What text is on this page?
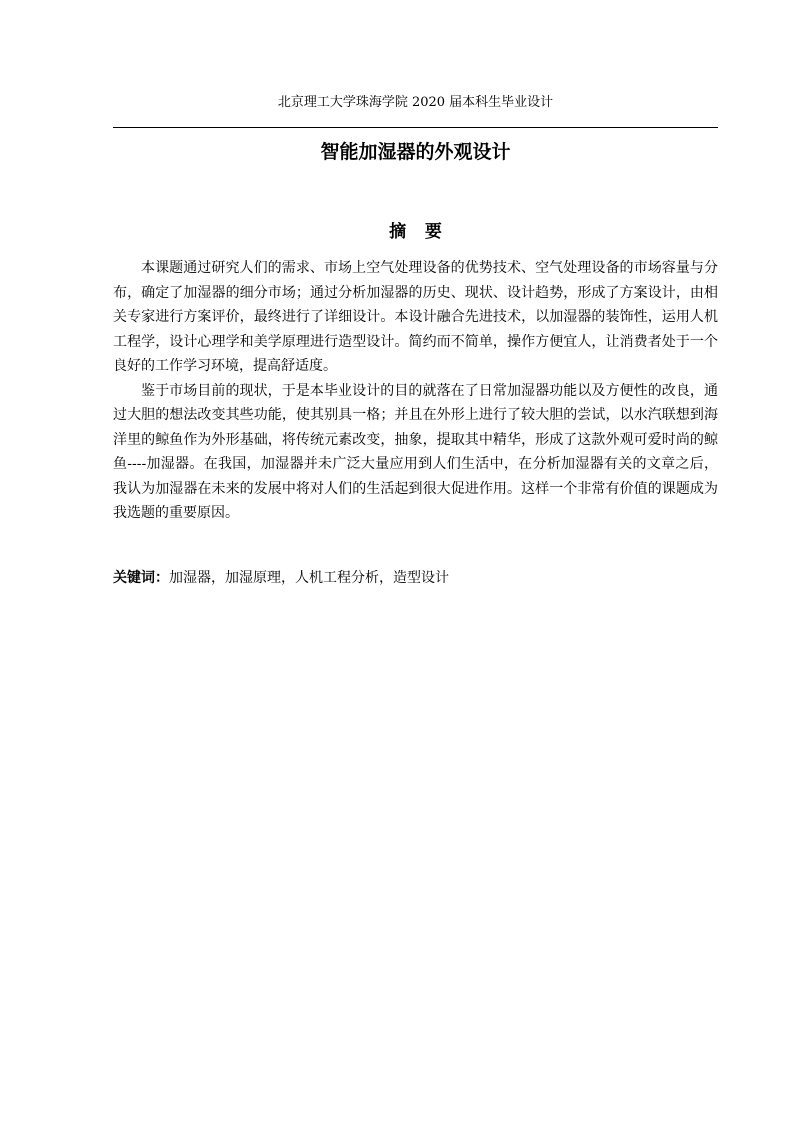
北京理工大学珠海学院 2020 届本科生毕业设计
智能加湿器的外观设计
摘要

本课题通过研究人们的需求、市场上空气处理设备的优势技术、空气处理设备的市场容量与分布，确定了加湿器的细分市场；通过分析加湿器的历史、现状、设计趋势，形成了方案设计，由相关专家进行方案评价，最终进行了详细设计。本设计融合先进技术，以加湿器的装饰性，运用人机工程学，设计心理学和美学原理进行造型设计。简约而不简单，操作方便宜人，让消费者处于一个良好的工作学习环境，提高舒适度。

鉴于市场目前的现状，于是本毕业设计的目的就落在了日常加湿器功能以及方便性的改良，通过大胆的想法改变其些功能，使其别具一格；并且在外形上进行了较大胆的尝试，以水汽联想到海洋里的鲸鱼作为外形基础，将传统元素改变，抽象，提取其中精华，形成了这款外观可爱时尚的鲸鱼----加湿器。在我国，加湿器并未广泛大量应用到人们生活中，在分析加湿器有关的文章之后，我认为加湿器在未来的发展中将对人们的生活起到很大促进作用。这样一个非常有价值的课题成为我选题的重要原因。

关键词：加湿器，加湿原理，人机工程分析，造型设计
